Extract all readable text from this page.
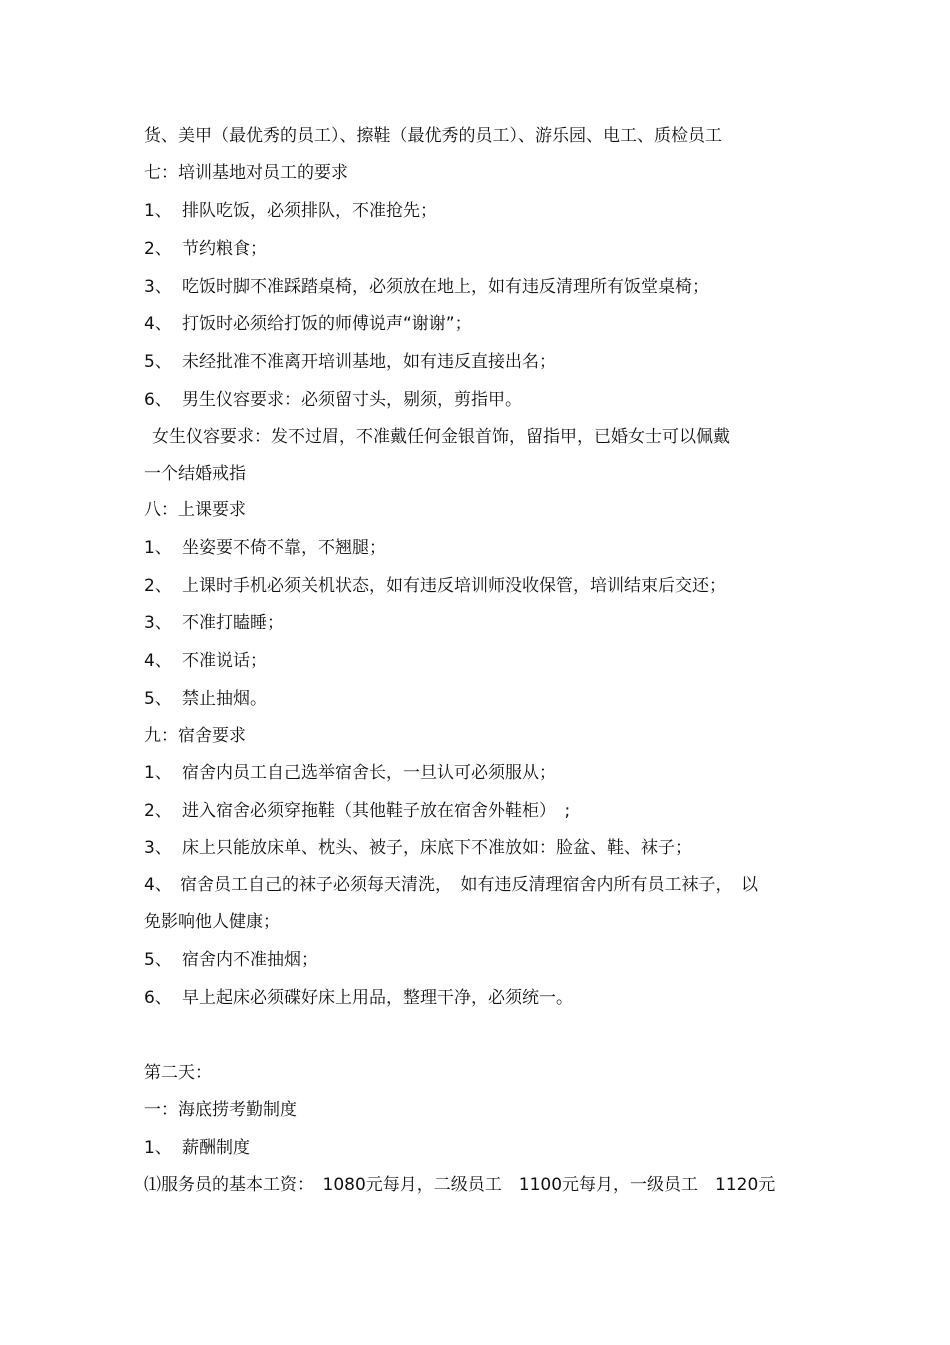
货、美甲（最优秀的员工）、擦鞋（最优秀的员工）、游乐园、电工、质检员工
七：培训基地对员工的要求
1、 排队吃饭，必须排队，不准抢先；
2、 节约粮食；
3、 吃饭时脚不准踩踏桌椅，必须放在地上，如有违反清理所有饭堂桌椅；
4、 打饭时必须给打饭的师傅说声“谢谢”；
5、 未经批准不准离开培训基地，如有违反直接出名；
6、 男生仪容要求：必须留寸头，剔须，剪指甲。
女生仪容要求：发不过眉，不准戴任何金银首饰，留指甲，已婚女士可以佩戴
一个结婚戒指
八：上课要求
1、 坐姿要不倚不靠，不翘腿；
2、 上课时手机必须关机状态，如有违反培训师没收保管，培训结束后交还；
3、 不准打瞌睡；
4、 不准说话；
5、 禁止抽烟。
九：宿舍要求
1、 宿舍内员工自己选举宿舍长，一旦认可必须服从；
2、 进入宿舍必须穿拖鞋（其他鞋子放在宿舍外鞋柜）　;
3、 床上只能放床单、枕头、被子，床底下不准放如：脸盆、鞋、袜子；
4、 宿舍员工自己的袜子必须每天清洗，　如有违反清理宿舍内所有员工袜子，　以
免影响他人健康；
5、 宿舍内不准抽烟；
6、 早上起床必须碟好床上用品，整理干净，必须统一。
第二天：
一：海底捞考勤制度
1、 薪酬制度
⑴服务员的基本工资：　1080元每月，二级员工　1100元每月，一级员工　1120元
